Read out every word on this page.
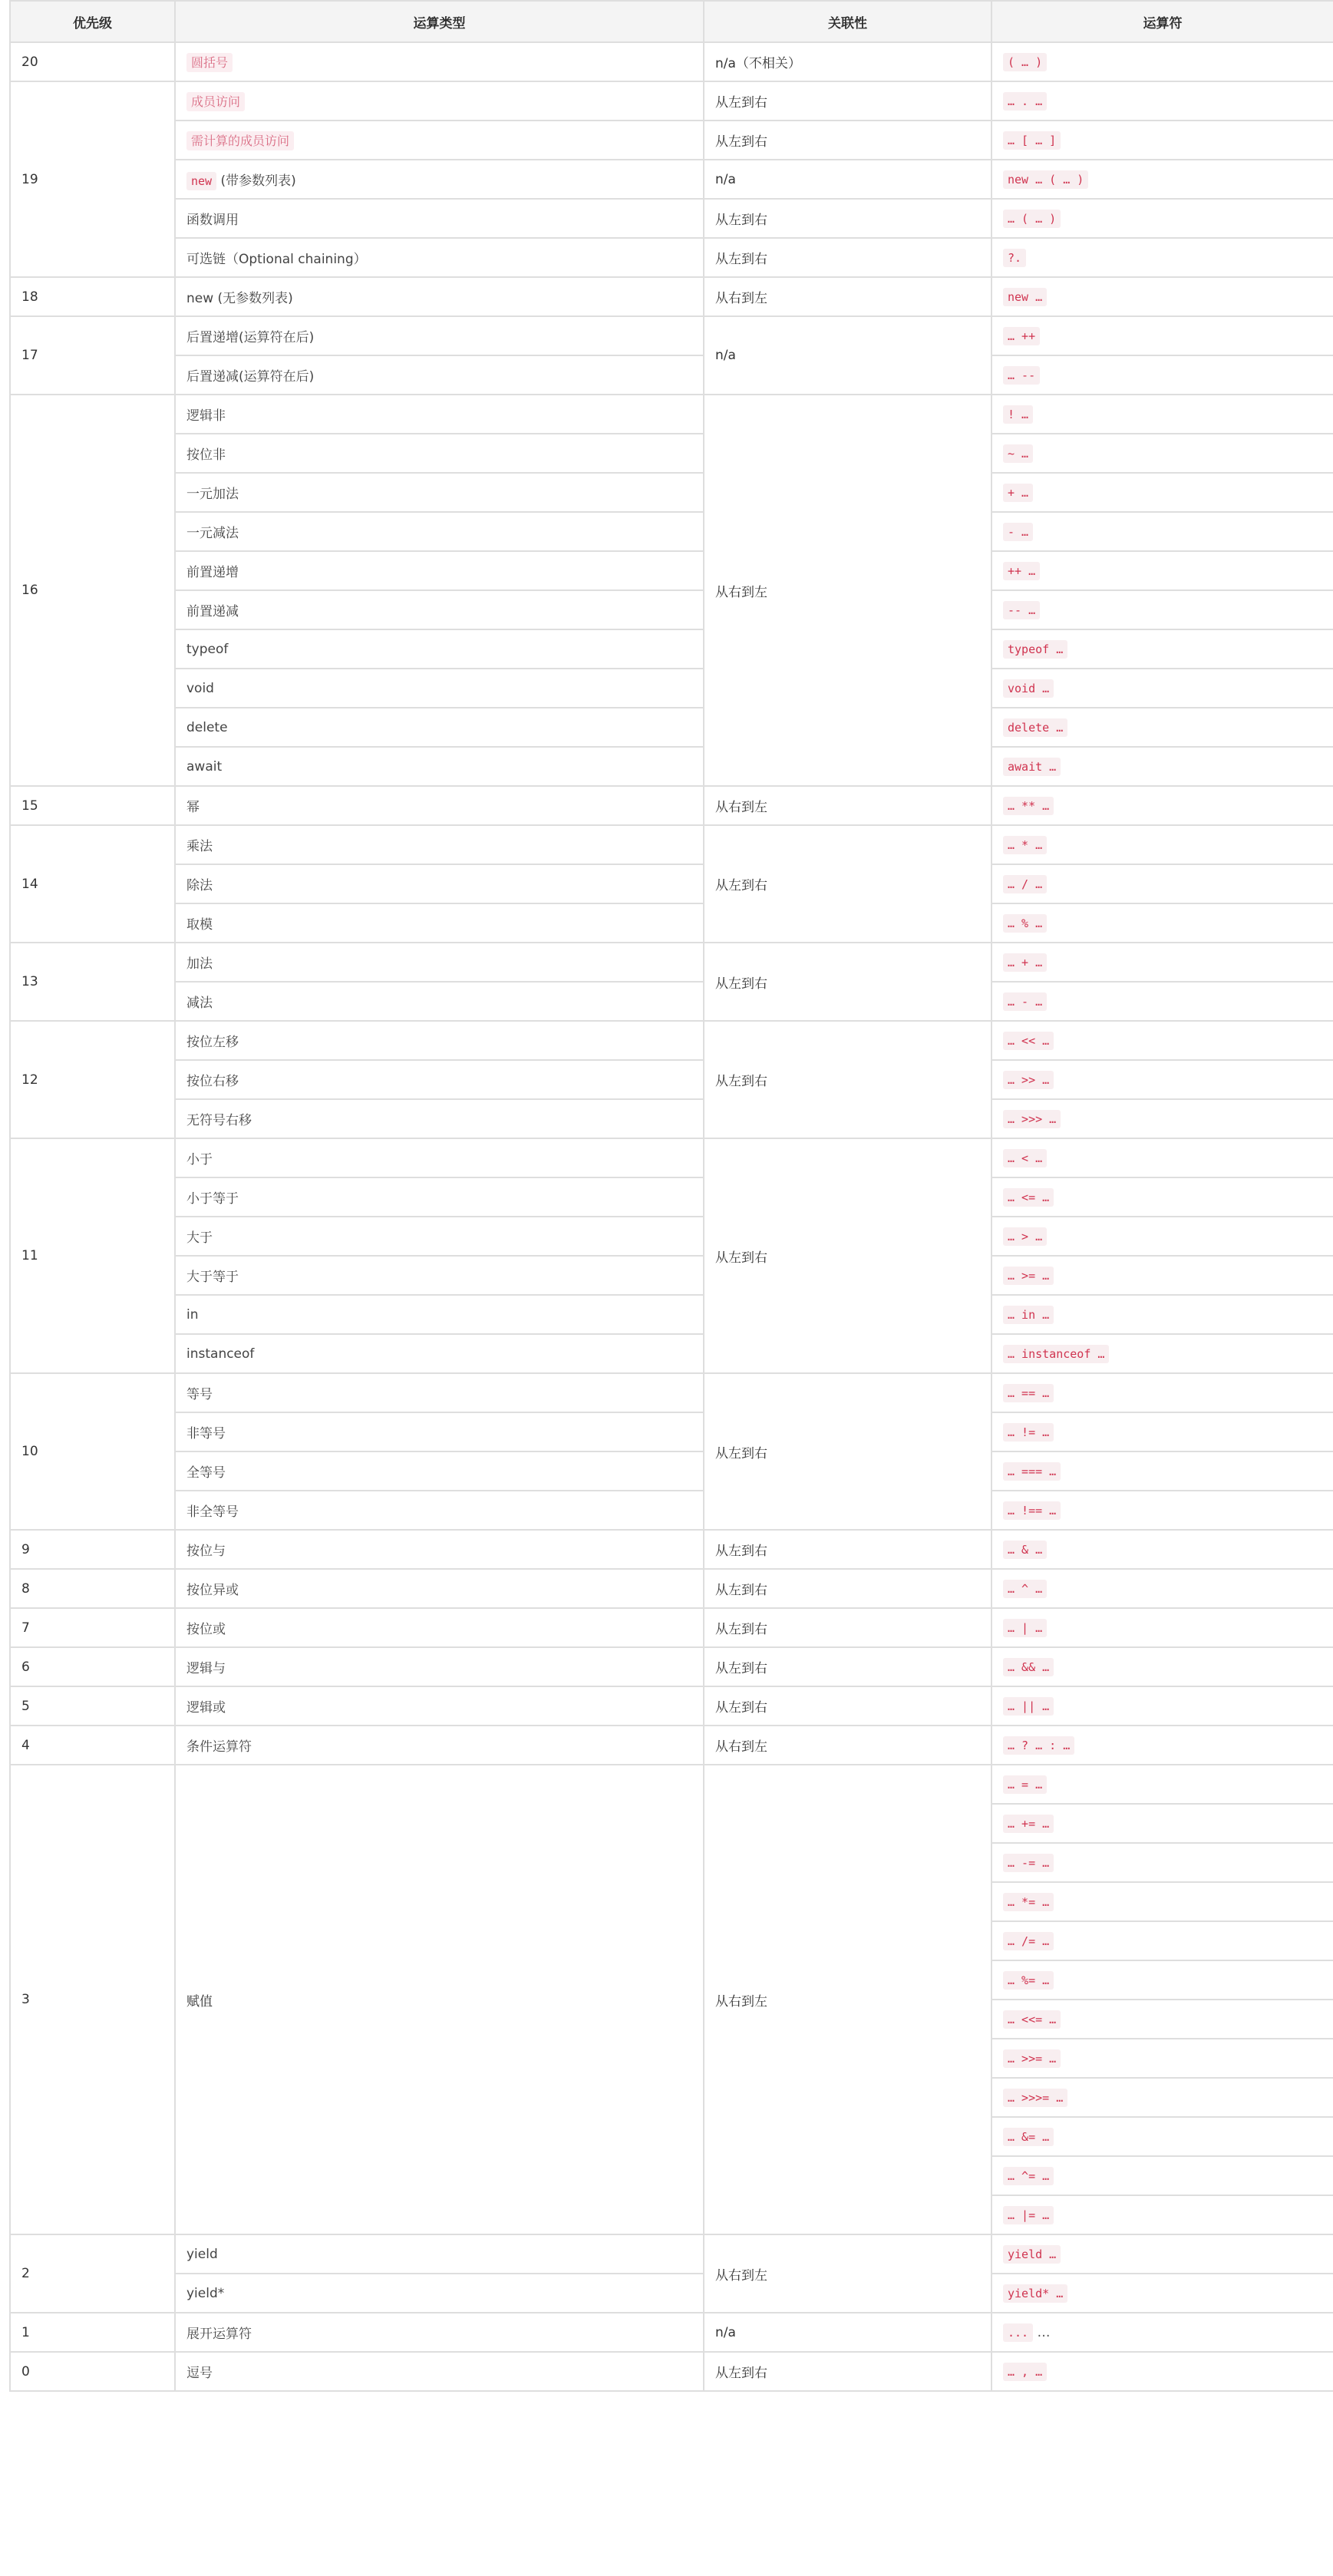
优先级	运算类型	关联性	运算符
20	圆括号	n/a（不相关）	( … )
19	成员访问	从左到右	… . …
	需计算的成员访问	从左到右	… [ … ]
	new (带参数列表)	n/a	new … ( … )
	函数调用	从左到右	… ( … )
	可选链（Optional chaining）	从左到右	?.
18	new (无参数列表)	从右到左	new …
17	后置递增(运算符在后)	n/a	… ++
	后置递减(运算符在后)		… --
16	逻辑非	从右到左	! …
	按位非		~ …
	一元加法		+ …
	一元减法		- …
	前置递增		++ …
	前置递减		-- …
	typeof		typeof …
	void		void …
	delete		delete …
	await		await …
15	幂	从右到左	… ** …
14	乘法	从左到右	… * …
	除法		… / …
	取模		… % …
13	加法	从左到右	… + …
	减法		… - …
12	按位左移	从左到右	… << …
	按位右移		… >> …
	无符号右移		… >>> …
11	小于	从左到右	… < …
	小于等于		… <= …
	大于		… > …
	大于等于		… >= …
	in		… in …
	instanceof		… instanceof …
10	等号	从左到右	… == …
	非等号		… != …
	全等号		… === …
	非全等号		… !== …
9	按位与	从左到右	… & …
8	按位异或	从左到右	… ^ …
7	按位或	从左到右	… | …
6	逻辑与	从左到右	… && …
5	逻辑或	从左到右	… || …
4	条件运算符	从右到左	… ? … : …
3	赋值	从右到左	… = …
			… += …
			… -= …
			… *= …
			… /= …
			… %= …
			… <<= …
			… >>= …
			… >>>= …
			… &= …
			… ^= …
			… |= …
2	yield	从右到左	yield …
	yield*		yield* …
1	展开运算符	n/a	... …
0	逗号	从左到右	… , …
